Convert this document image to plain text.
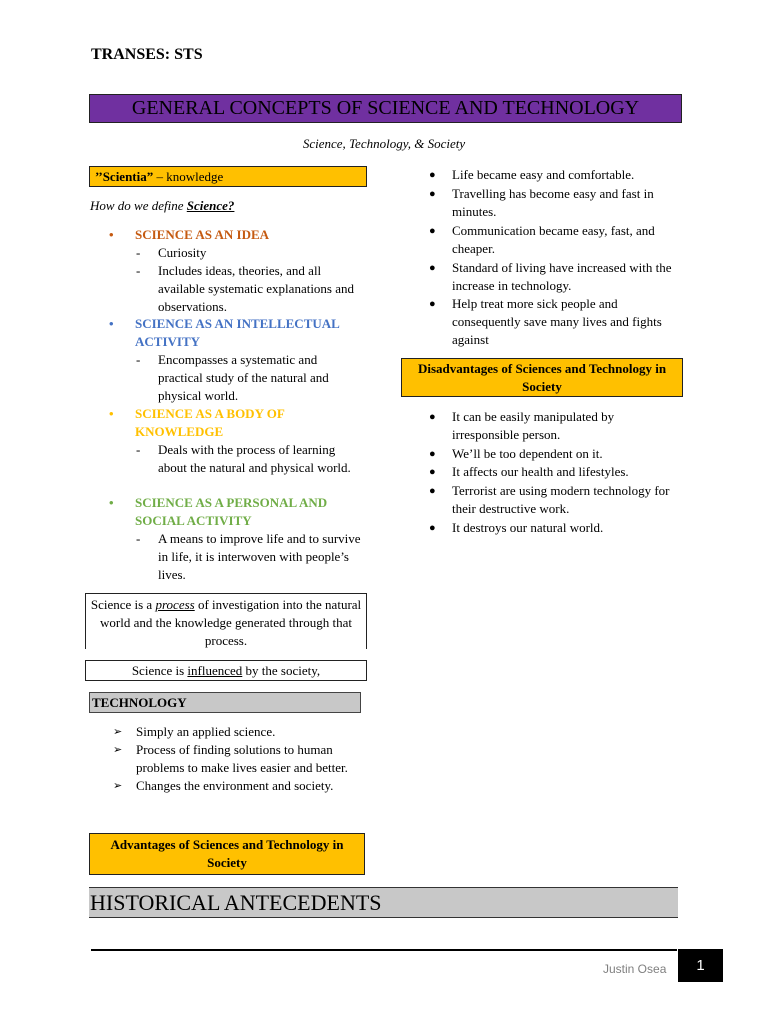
TRANSES: STS
GENERAL CONCEPTS OF SCIENCE AND TECHNOLOGY
Science, Technology, & Society
’’Scientia” – knowledge
How do we define Science?
• SCIENCE AS AN IDEA
- Curiosity
- Includes ideas, theories, and all available systematic explanations and observations.
• SCIENCE AS AN INTELLECTUAL ACTIVITY
- Encompasses a systematic and practical study of the natural and physical world.
• SCIENCE AS A BODY OF KNOWLEDGE
- Deals with the process of learning about the natural and physical world.
• SCIENCE AS A PERSONAL AND SOCIAL ACTIVITY
- A means to improve life and to survive in life, it is interwoven with people’s lives.
Science is a process of investigation into the natural world and the knowledge generated through that process.
Science is influenced by the society,
TECHNOLOGY
➢ Simply an applied science.
➢ Process of finding solutions to human problems to make lives easier and better.
➢ Changes the environment and society.
Advantages of Sciences and Technology in Society
● Life became easy and comfortable.
● Travelling has become easy and fast in minutes.
● Communication became easy, fast, and cheaper.
● Standard of living have increased with the increase in technology.
● Help treat more sick people and consequently save many lives and fights against
Disadvantages of Sciences and Technology in Society
● It can be easily manipulated by irresponsible person.
● We’ll be too dependent on it.
● It affects our health and lifestyles.
● Terrorist are using modern technology for their destructive work.
● It destroys our natural world.
HISTORICAL ANTECEDENTS
Justin Osea	1
